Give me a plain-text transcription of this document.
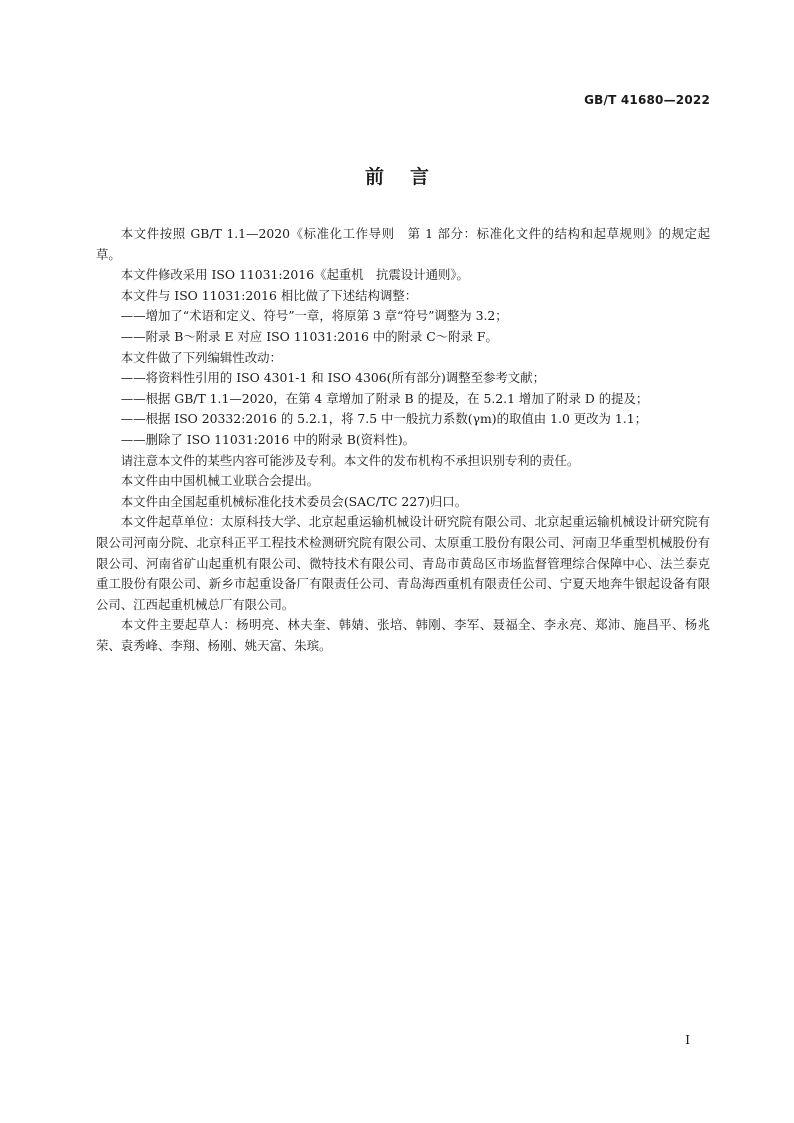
GB/T 41680—2022
前言

本文件按照 GB/T 1.1—2020《标准化工作导则　第 1 部分：标准化文件的结构和起草规则》的规定起草。

本文件修改采用 ISO 11031:2016《起重机　抗震设计通则》。

本文件与 ISO 11031:2016 相比做了下述结构调整：

——增加了“术语和定义、符号”一章，将原第 3 章“符号”调整为 3.2；

——附录 B～附录 E 对应 ISO 11031:2016 中的附录 C～附录 F。

本文件做了下列编辑性改动：

——将资料性引用的 ISO 4301-1 和 ISO 4306(所有部分)调整至参考文献；

——根据 GB/T 1.1—2020，在第 4 章增加了附录 B 的提及，在 5.2.1 增加了附录 D 的提及；

——根据 ISO 20332:2016 的 5.2.1，将 7.5 中一般抗力系数(γm)的取值由 1.0 更改为 1.1；

——删除了 ISO 11031:2016 中的附录 B(资料性)。

请注意本文件的某些内容可能涉及专利。本文件的发布机构不承担识别专利的责任。

本文件由中国机械工业联合会提出。

本文件由全国起重机械标准化技术委员会(SAC/TC 227)归口。

本文件起草单位：太原科技大学、北京起重运输机械设计研究院有限公司、北京起重运输机械设计研究院有限公司河南分院、北京科正平工程技术检测研究院有限公司、太原重工股份有限公司、河南卫华重型机械股份有限公司、河南省矿山起重机有限公司、微特技术有限公司、青岛市黄岛区市场监督管理综合保障中心、法兰泰克重工股份有限公司、新乡市起重设备厂有限责任公司、青岛海西重机有限责任公司、宁夏天地奔牛银起设备有限公司、江西起重机械总厂有限公司。

本文件主要起草人：杨明亮、林夫奎、韩婧、张培、韩刚、李军、聂福全、李永亮、郑沛、施昌平、杨兆荣、袁秀峰、李翔、杨刚、姚天富、朱瑸。

I
